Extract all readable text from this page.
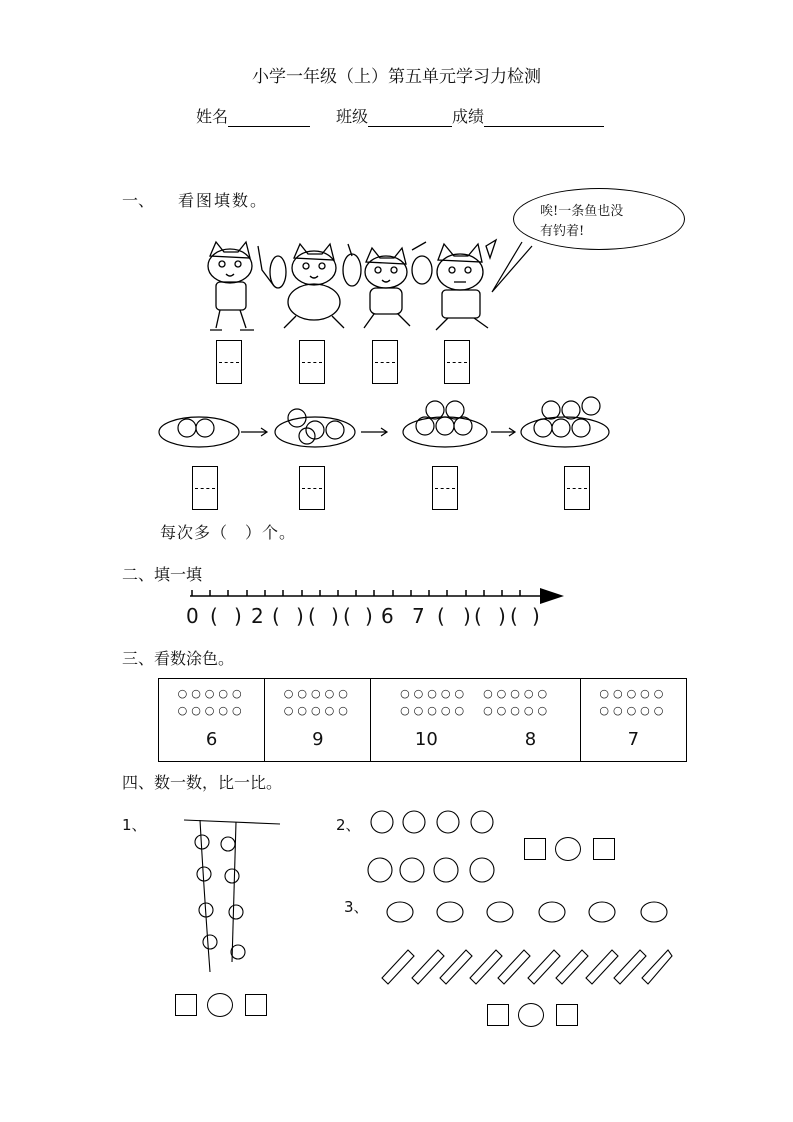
小学一年级（上）第五单元学习力检测
姓名	班级	成绩
一、 看图填数。
唉!一条鱼也没
有钓着!
每次多（　）个。
二、填一填
0 ( ) 2 ( ) ( ) ( ) 6 7 ( ) ( ) ( )
三、看数涂色。
○○○○○
○○○○○
6

○○○○○
○○○○○
9

○○○○○　○○○○○
○○○○○　○○○○○
10	8

○○○○○
○○○○○
7
四、数一数，比一比。
1、	2、
3、
